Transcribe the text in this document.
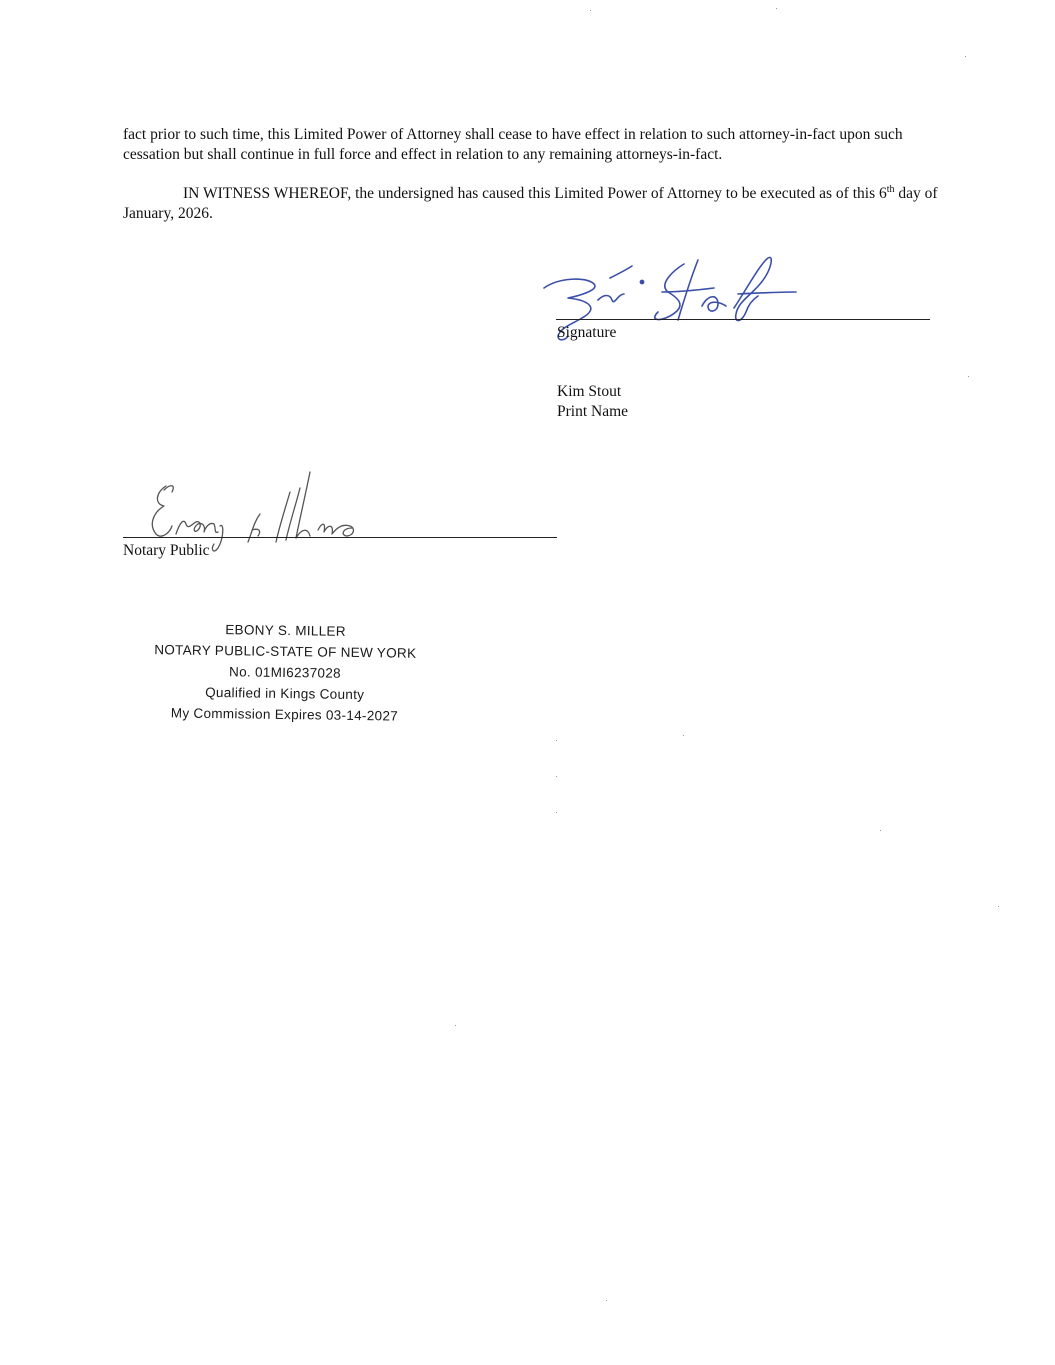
fact prior to such time, this Limited Power of Attorney shall cease to have effect in relation to such attorney-in-fact upon such cessation but shall continue in full force and effect in relation to any remaining attorneys-in-fact.

IN WITNESS WHEREOF, the undersigned has caused this Limited Power of Attorney to be executed as of this 6th day of January, 2026.

Signature
Kim Stout
Print Name
Notary Public
EBONY S. MILLER
NOTARY PUBLIC-STATE OF NEW YORK
No. 01MI6237028
Qualified in Kings County
My Commission Expires 03-14-2027
